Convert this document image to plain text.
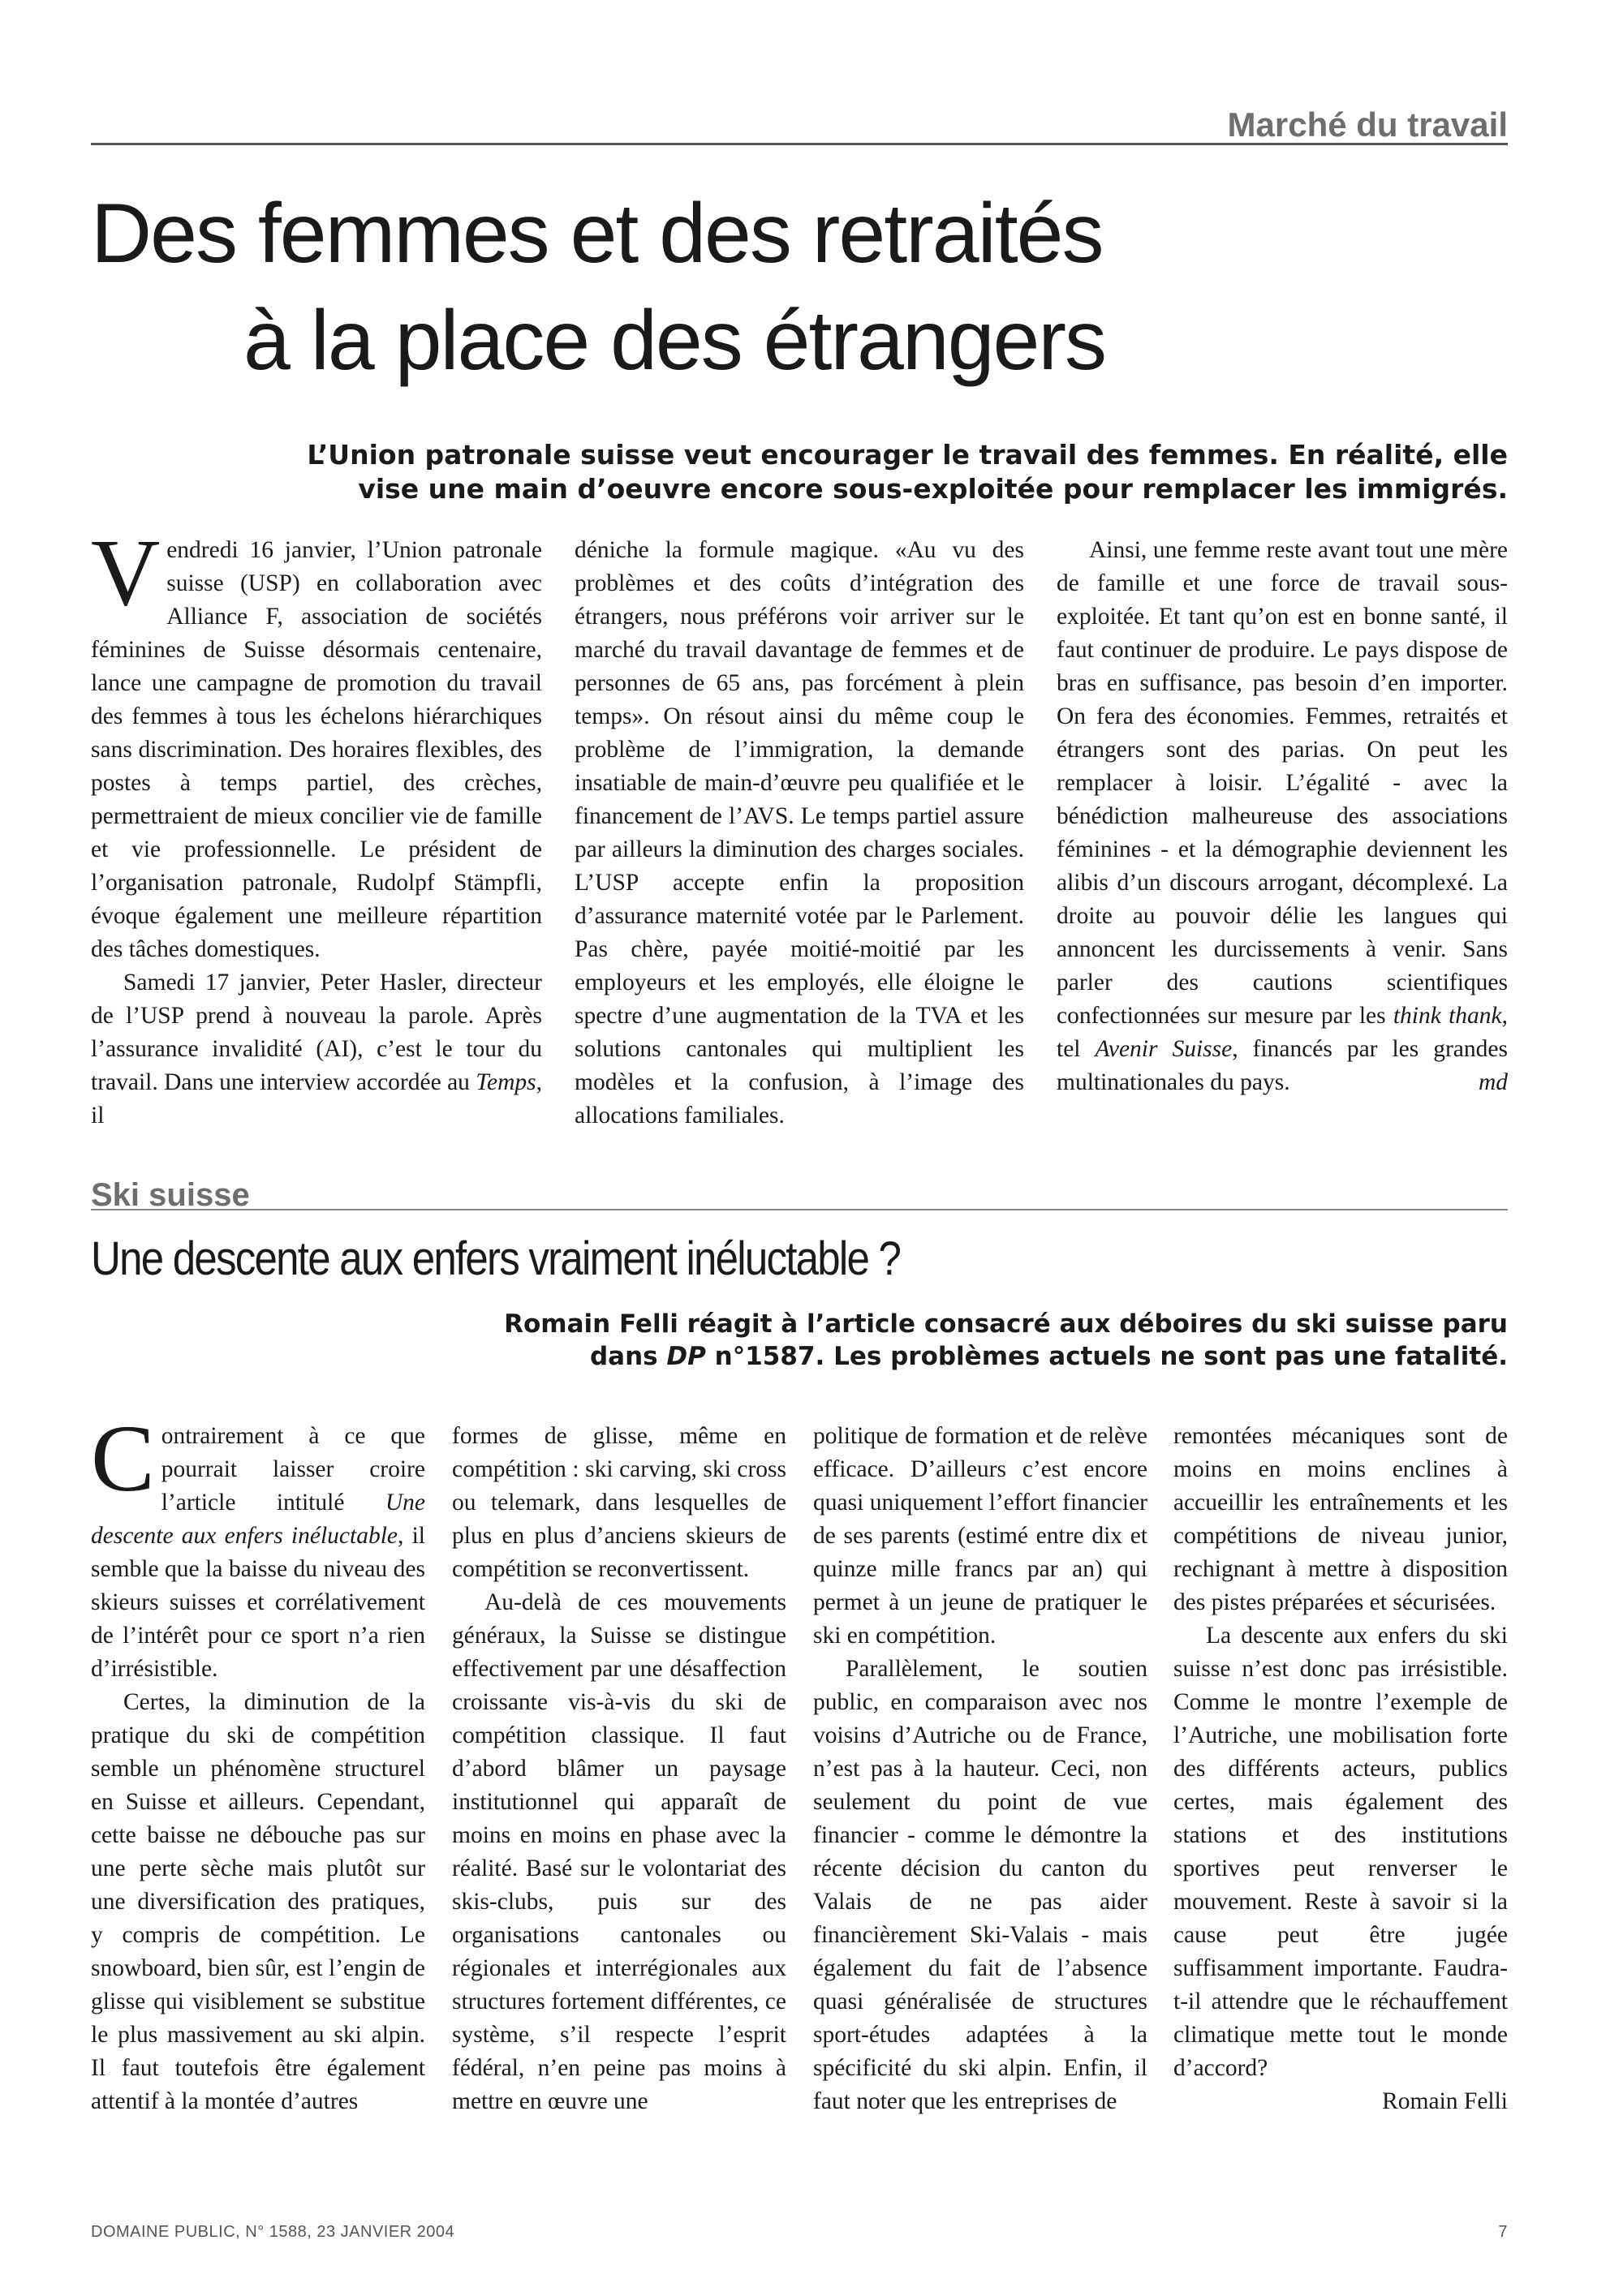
Marché du travail
Des femmes et des retraités
à la place des étrangers
L’Union patronale suisse veut encourager le travail des femmes. En réalité, elle
vise une main d’oeuvre encore sous-exploitée pour remplacer les immigrés.

Vendredi 16 janvier, l’Union patronale suisse (USP) en collaboration avec Alliance F, association de sociétés féminines de Suisse désormais centenaire, lance une campagne de promotion du travail des femmes à tous les échelons hiérarchiques sans discrimination. Des horaires flexibles, des postes à temps partiel, des crèches, permettraient de mieux concilier vie de famille et vie professionnelle. Le président de l’organisation patronale, Rudolpf Stämpfli, évoque également une meilleure répartition des tâches domestiques.

Samedi 17 janvier, Peter Hasler, directeur de l’USP prend à nouveau la parole. Après l’assurance invalidité (AI), c’est le tour du travail. Dans une interview accordée au Temps, il

déniche la formule magique. «Au vu des problèmes et des coûts d’intégration des étrangers, nous préférons voir arriver sur le marché du travail davantage de femmes et de personnes de 65 ans, pas forcément à plein temps». On résout ainsi du même coup le problème de l’immigration, la demande insatiable de main-d’œuvre peu qualifiée et le financement de l’AVS. Le temps partiel assure par ailleurs la diminution des charges sociales. L’USP accepte enfin la proposition d’assurance maternité votée par le Parlement. Pas chère, payée moitié-moitié par les employeurs et les employés, elle éloigne le spectre d’une augmentation de la TVA et les solutions cantonales qui multiplient les modèles et la confusion, à l’image des allocations familiales.

Ainsi, une femme reste avant tout une mère de famille et une force de travail sous-exploitée. Et tant qu’on est en bonne santé, il faut continuer de produire. Le pays dispose de bras en suffisance, pas besoin d’en importer. On fera des économies. Femmes, retraités et étrangers sont des parias. On peut les remplacer à loisir. L’égalité - avec la bénédiction malheureuse des associations féminines - et la démographie deviennent les alibis d’un discours arrogant, décomplexé. La droite au pouvoir délie les langues qui annoncent les durcissements à venir. Sans parler des cautions scientifiques confectionnées sur mesure par les think thank, tel Avenir Suisse, financés par les grandes multinationales du pays.	md

Ski suisse
Une descente aux enfers vraiment inéluctable ?
Romain Felli réagit à l’article consacré aux déboires du ski suisse paru
dans DP n°1587. Les problèmes actuels ne sont pas une fatalité.

Contrairement à ce que pourrait laisser croire l’article intitulé Une descente aux enfers inéluctable, il semble que la baisse du niveau des skieurs suisses et corrélativement de l’intérêt pour ce sport n’a rien d’irrésistible.

Certes, la diminution de la pratique du ski de compétition semble un phénomène structurel en Suisse et ailleurs. Cependant, cette baisse ne débouche pas sur une perte sèche mais plutôt sur une diversification des pratiques, y compris de compétition. Le snowboard, bien sûr, est l’engin de glisse qui visiblement se substitue le plus massivement au ski alpin. Il faut toutefois être également attentif à la montée d’autres

formes de glisse, même en compétition : ski carving, ski cross ou telemark, dans lesquelles de plus en plus d’anciens skieurs de compétition se reconvertissent.

Au-delà de ces mouvements généraux, la Suisse se distingue effectivement par une désaffection croissante vis-à-vis du ski de compétition classique. Il faut d’abord blâmer un paysage institutionnel qui apparaît de moins en moins en phase avec la réalité. Basé sur le volontariat des skis-clubs, puis sur des organisations cantonales ou régionales et interrégionales aux structures fortement différentes, ce système, s’il respecte l’esprit fédéral, n’en peine pas moins à mettre en œuvre une

politique de formation et de relève efficace. D’ailleurs c’est encore quasi uniquement l’effort financier de ses parents (estimé entre dix et quinze mille francs par an) qui permet à un jeune de pratiquer le ski en compétition.

Parallèlement, le soutien public, en comparaison avec nos voisins d’Autriche ou de France, n’est pas à la hauteur. Ceci, non seulement du point de vue financier - comme le démontre la récente décision du canton du Valais de ne pas aider financièrement Ski-Valais - mais également du fait de l’absence quasi généralisée de structures sport-études adaptées à la spécificité du ski alpin. Enfin, il faut noter que les entreprises de

remontées mécaniques sont de moins en moins enclines à accueillir les entraînements et les compétitions de niveau junior, rechignant à mettre à disposition des pistes préparées et sécurisées.

La descente aux enfers du ski suisse n’est donc pas irrésistible. Comme le montre l’exemple de l’Autriche, une mobilisation forte des différents acteurs, publics certes, mais également des stations et des institutions sportives peut renverser le mouvement. Reste à savoir si la cause peut être jugée suffisamment importante. Faudra-t-il attendre que le réchauffement climatique mette tout le monde d’accord?

Romain Felli

DOMAINE PUBLIC, N° 1588, 23 JANVIER 2004	7
